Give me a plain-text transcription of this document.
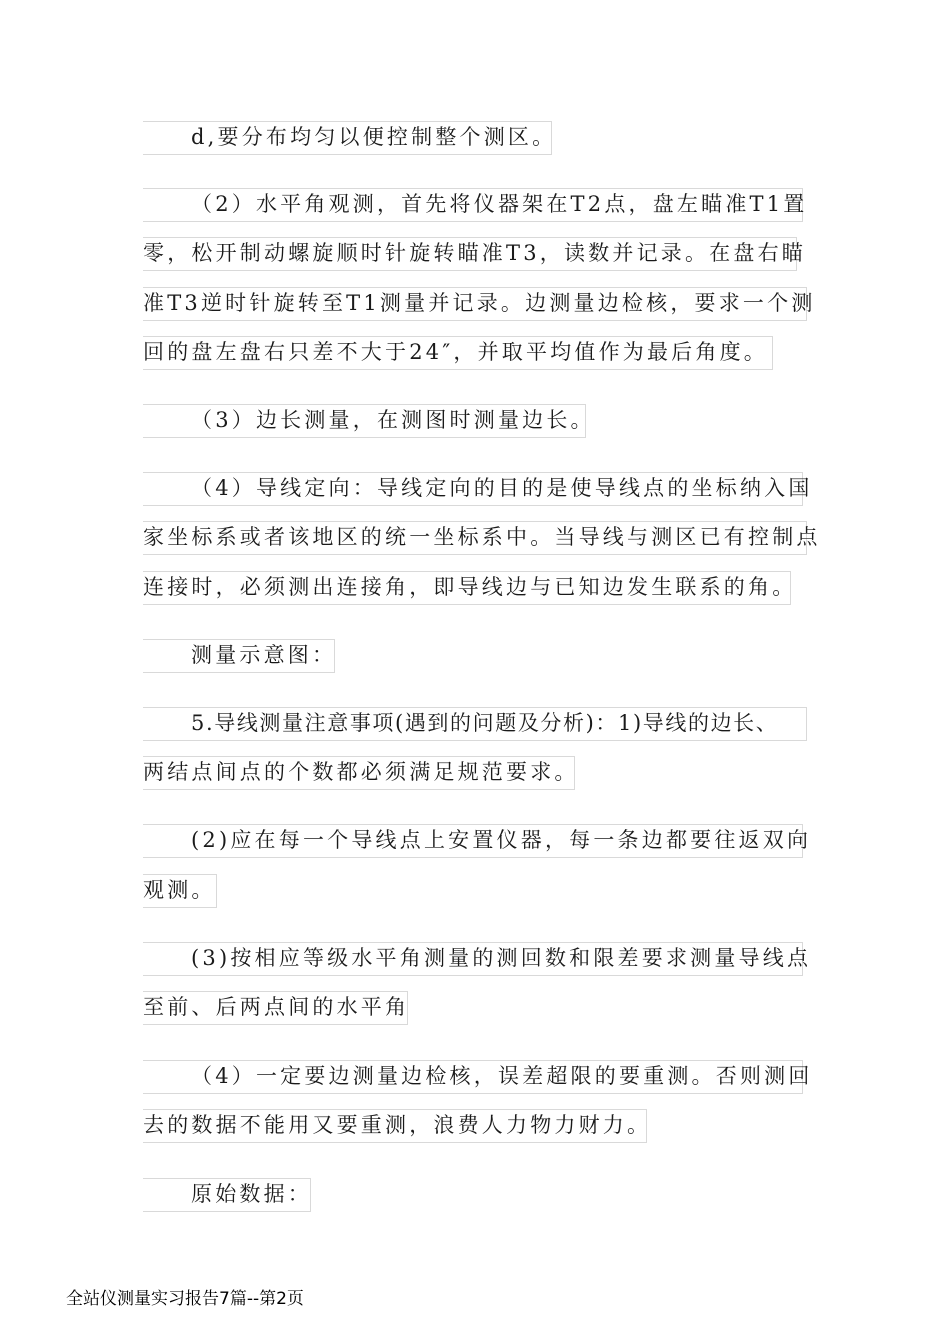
d,要分布均匀以便控制整个测区。
（2）水平角观测，首先将仪器架在T2点，盘左瞄准T1置
零，松开制动螺旋顺时针旋转瞄准T3，读数并记录。在盘右瞄
准T3逆时针旋转至T1测量并记录。边测量边检核，要求一个测
回的盘左盘右只差不大于24″，并取平均值作为最后角度。
（3）边长测量，在测图时测量边长。
（4）导线定向：导线定向的目的是使导线点的坐标纳入国
家坐标系或者该地区的统一坐标系中。当导线与测区已有控制点
连接时，必须测出连接角，即导线边与已知边发生联系的角。
测量示意图：
5.导线测量注意事项(遇到的问题及分析)：1)导线的边长、
两结点间点的个数都必须满足规范要求。
(2)应在每一个导线点上安置仪器，每一条边都要往返双向
观测。
(3)按相应等级水平角测量的测回数和限差要求测量导线点
至前、后两点间的水平角
（4）一定要边测量边检核，误差超限的要重测。否则测回
去的数据不能用又要重测，浪费人力物力财力。
原始数据：
全站仪测量实习报告7篇--第2页
